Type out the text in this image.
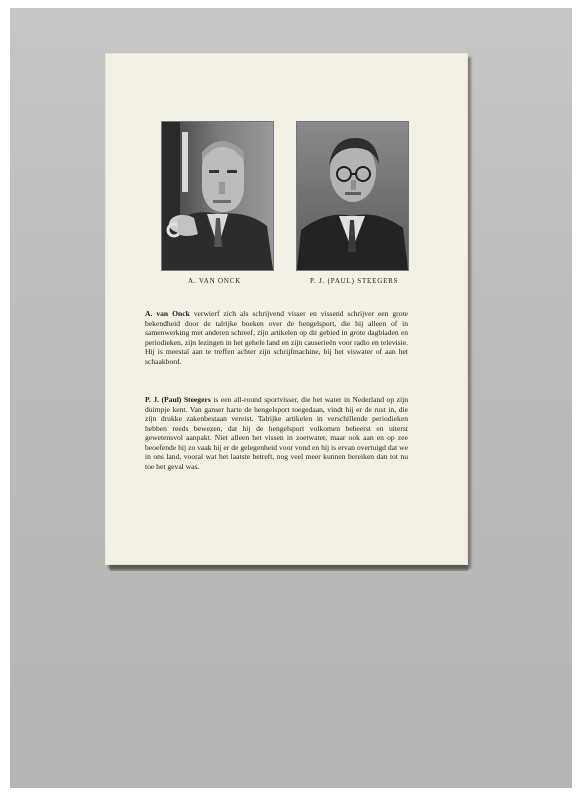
A. VAN ONCK	P. J. (PAUL) STEEGERS

A. van Onck verwierf zich als schrijvend visser en vissend schrijver een grote bekendheid door de talrijke boeken over de hengelsport, die hij alleen of in samenwerking met anderen schreef, zijn artikelen op dit gebied in grote dagbladen en periodieken, zijn lezingen in het gehele land en zijn causerieën voor radio en televisie. Hij is meestal aan te treffen achter zijn schrijfmachine, bij het viswater of aan het schaakbord.

P. J. (Paul) Steegers is een all-round sportvisser, die het water in Nederland op zijn duimpje kent. Van ganser harte de hengelsport toegedaan, vindt hij er de rust in, die zijn drukke zakenbestaan vereist. Talrijke artikelen in verschillende periodieken hebben reeds bewezen, dat hij de hengelsport volkomen beheerst en uiterst gewetensvol aanpakt. Niet alleen het vissen in zoetwater, maar ook aan en op zee beoefende hij zo vaak hij er de gelegenheid voor vond en hij is ervan overtuigd dat we in ons land, vooral wat het laatste betreft, nog veel meer kunnen bereiken dan tot nu toe het geval was.
